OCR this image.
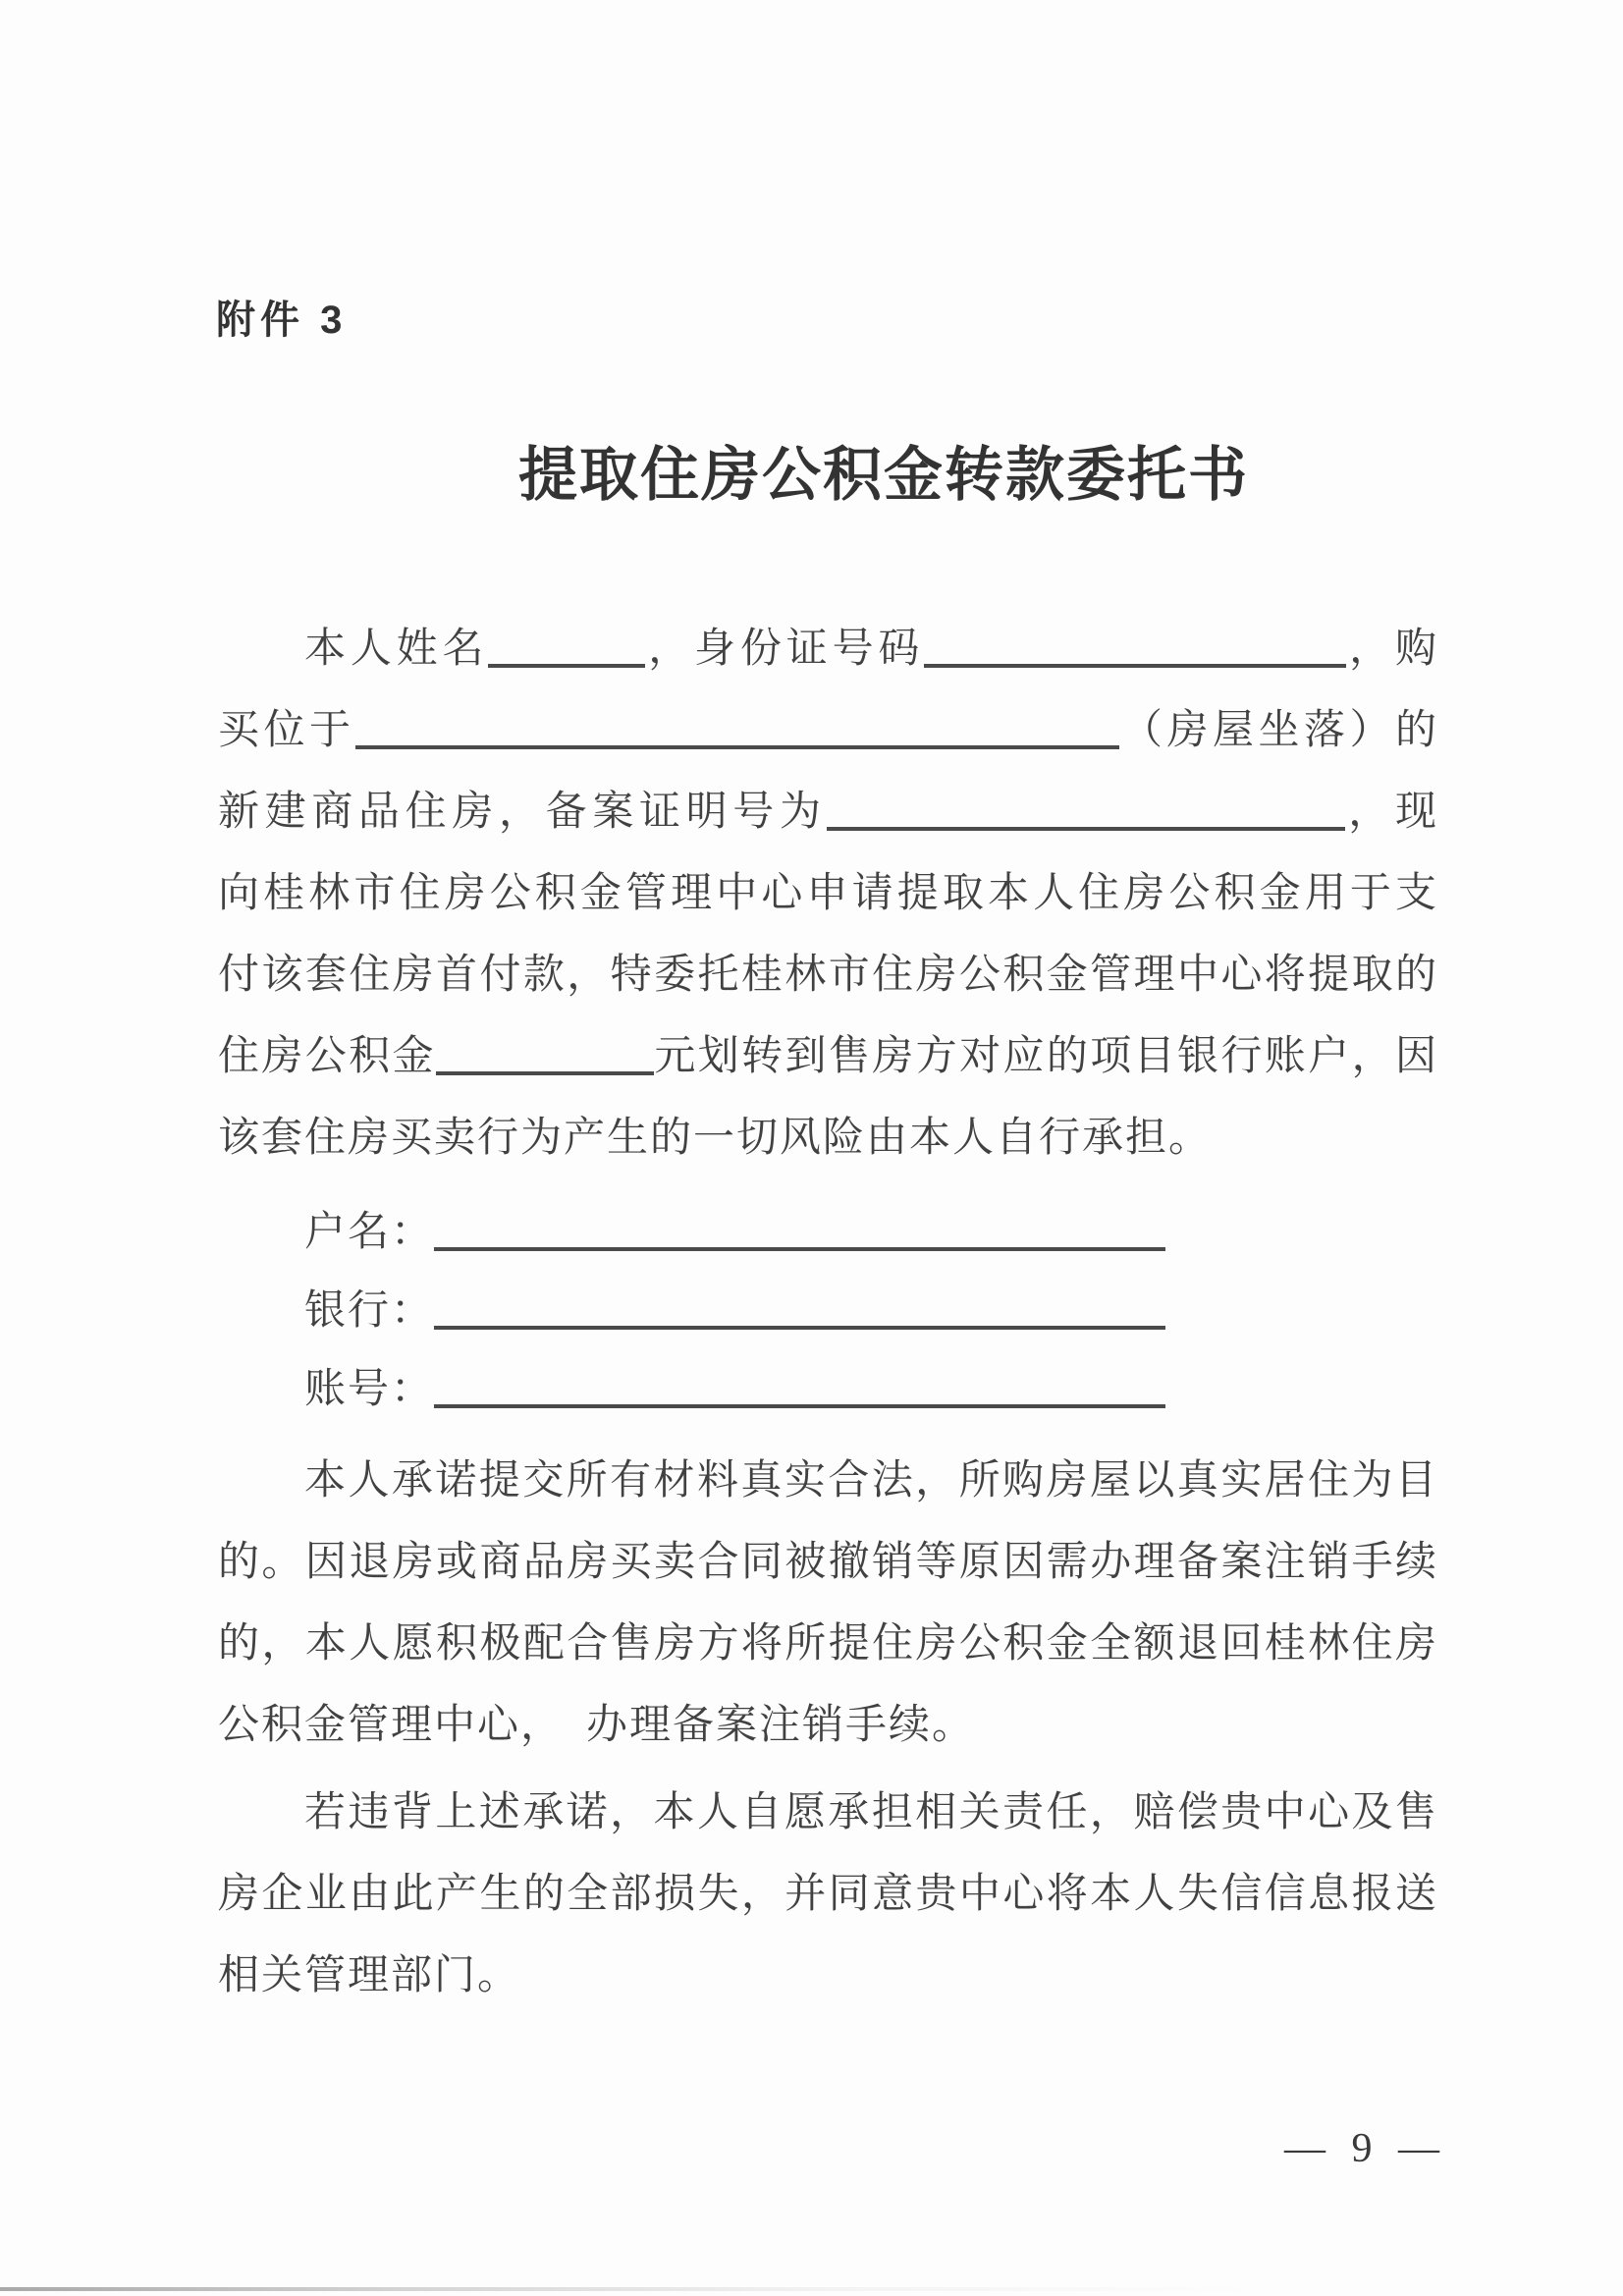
附件 3
提取住房公积金转款委托书
本人姓名	，身份证号码	，购
买位于	（房屋坐落）的
新建商品住房，备案证明号为	，现
向桂林市住房公积金管理中心申请提取本人住房公积金用于支
付该套住房首付款，特委托桂林市住房公积金管理中心将提取的
住房公积金	元划转到售房方对应的项目银行账户，因
该套住房买卖行为产生的一切风险由本人自行承担。
户名：
银行：
账号：
本人承诺提交所有材料真实合法，所购房屋以真实居住为目
的。因退房或商品房买卖合同被撤销等原因需办理备案注销手续
的，本人愿积极配合售房方将所提住房公积金全额退回桂林住房
公积金管理中心，　办理备案注销手续。
若违背上述承诺，本人自愿承担相关责任，赔偿贵中心及售
房企业由此产生的全部损失，并同意贵中心将本人失信信息报送
相关管理部门。
— 9 —
